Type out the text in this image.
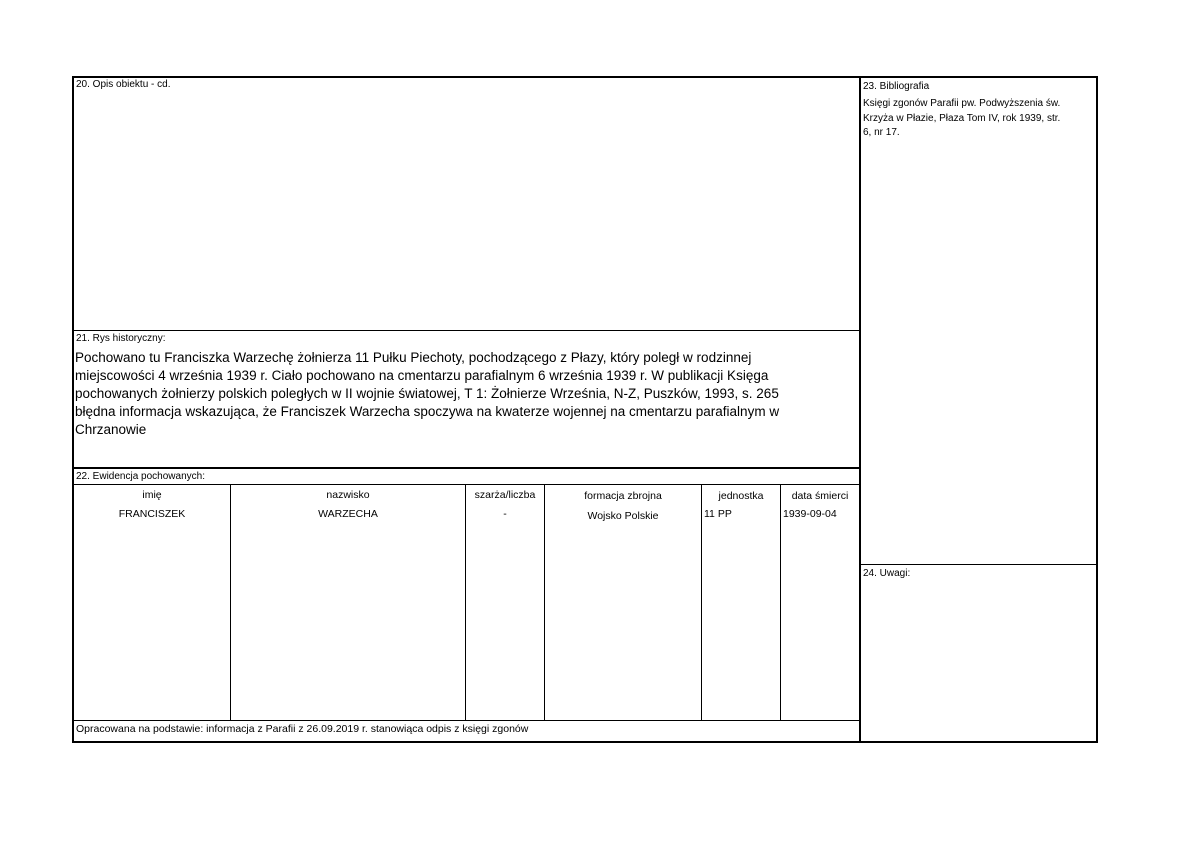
20. Opis obiektu - cd.
21. Rys historyczny:
Pochowano tu Franciszka Warzechę żołnierza 11 Pułku Piechoty, pochodzącego z Płazy, który poległ w rodzinnej
miejscowości 4 września 1939 r. Ciało pochowano na cmentarzu parafialnym 6 września 1939 r. W publikacji Księga
pochowanych żołnierzy polskich poległych w II wojnie światowej, T 1: Żołnierze Września, N-Z, Puszków, 1993, s. 265
błędna informacja wskazująca, że Franciszek Warzecha spoczywa na kwaterze wojennej na cmentarzu parafialnym w
Chrzanowie
22. Ewidencja pochowanych:
imię	nazwisko	szarża/liczba	formacja zbrojna	jednostka	data śmierci
FRANCISZEK	WARZECHA	-	Wojsko Polskie	11 PP	1939-09-04
Opracowana na podstawie: informacja z Parafii z 26.09.2019 r. stanowiąca odpis z księgi zgonów
23. Bibliografia
Księgi zgonów Parafii pw. Podwyższenia św.
Krzyża w Płazie, Płaza Tom IV, rok 1939, str.
6, nr 17.
24. Uwagi:
